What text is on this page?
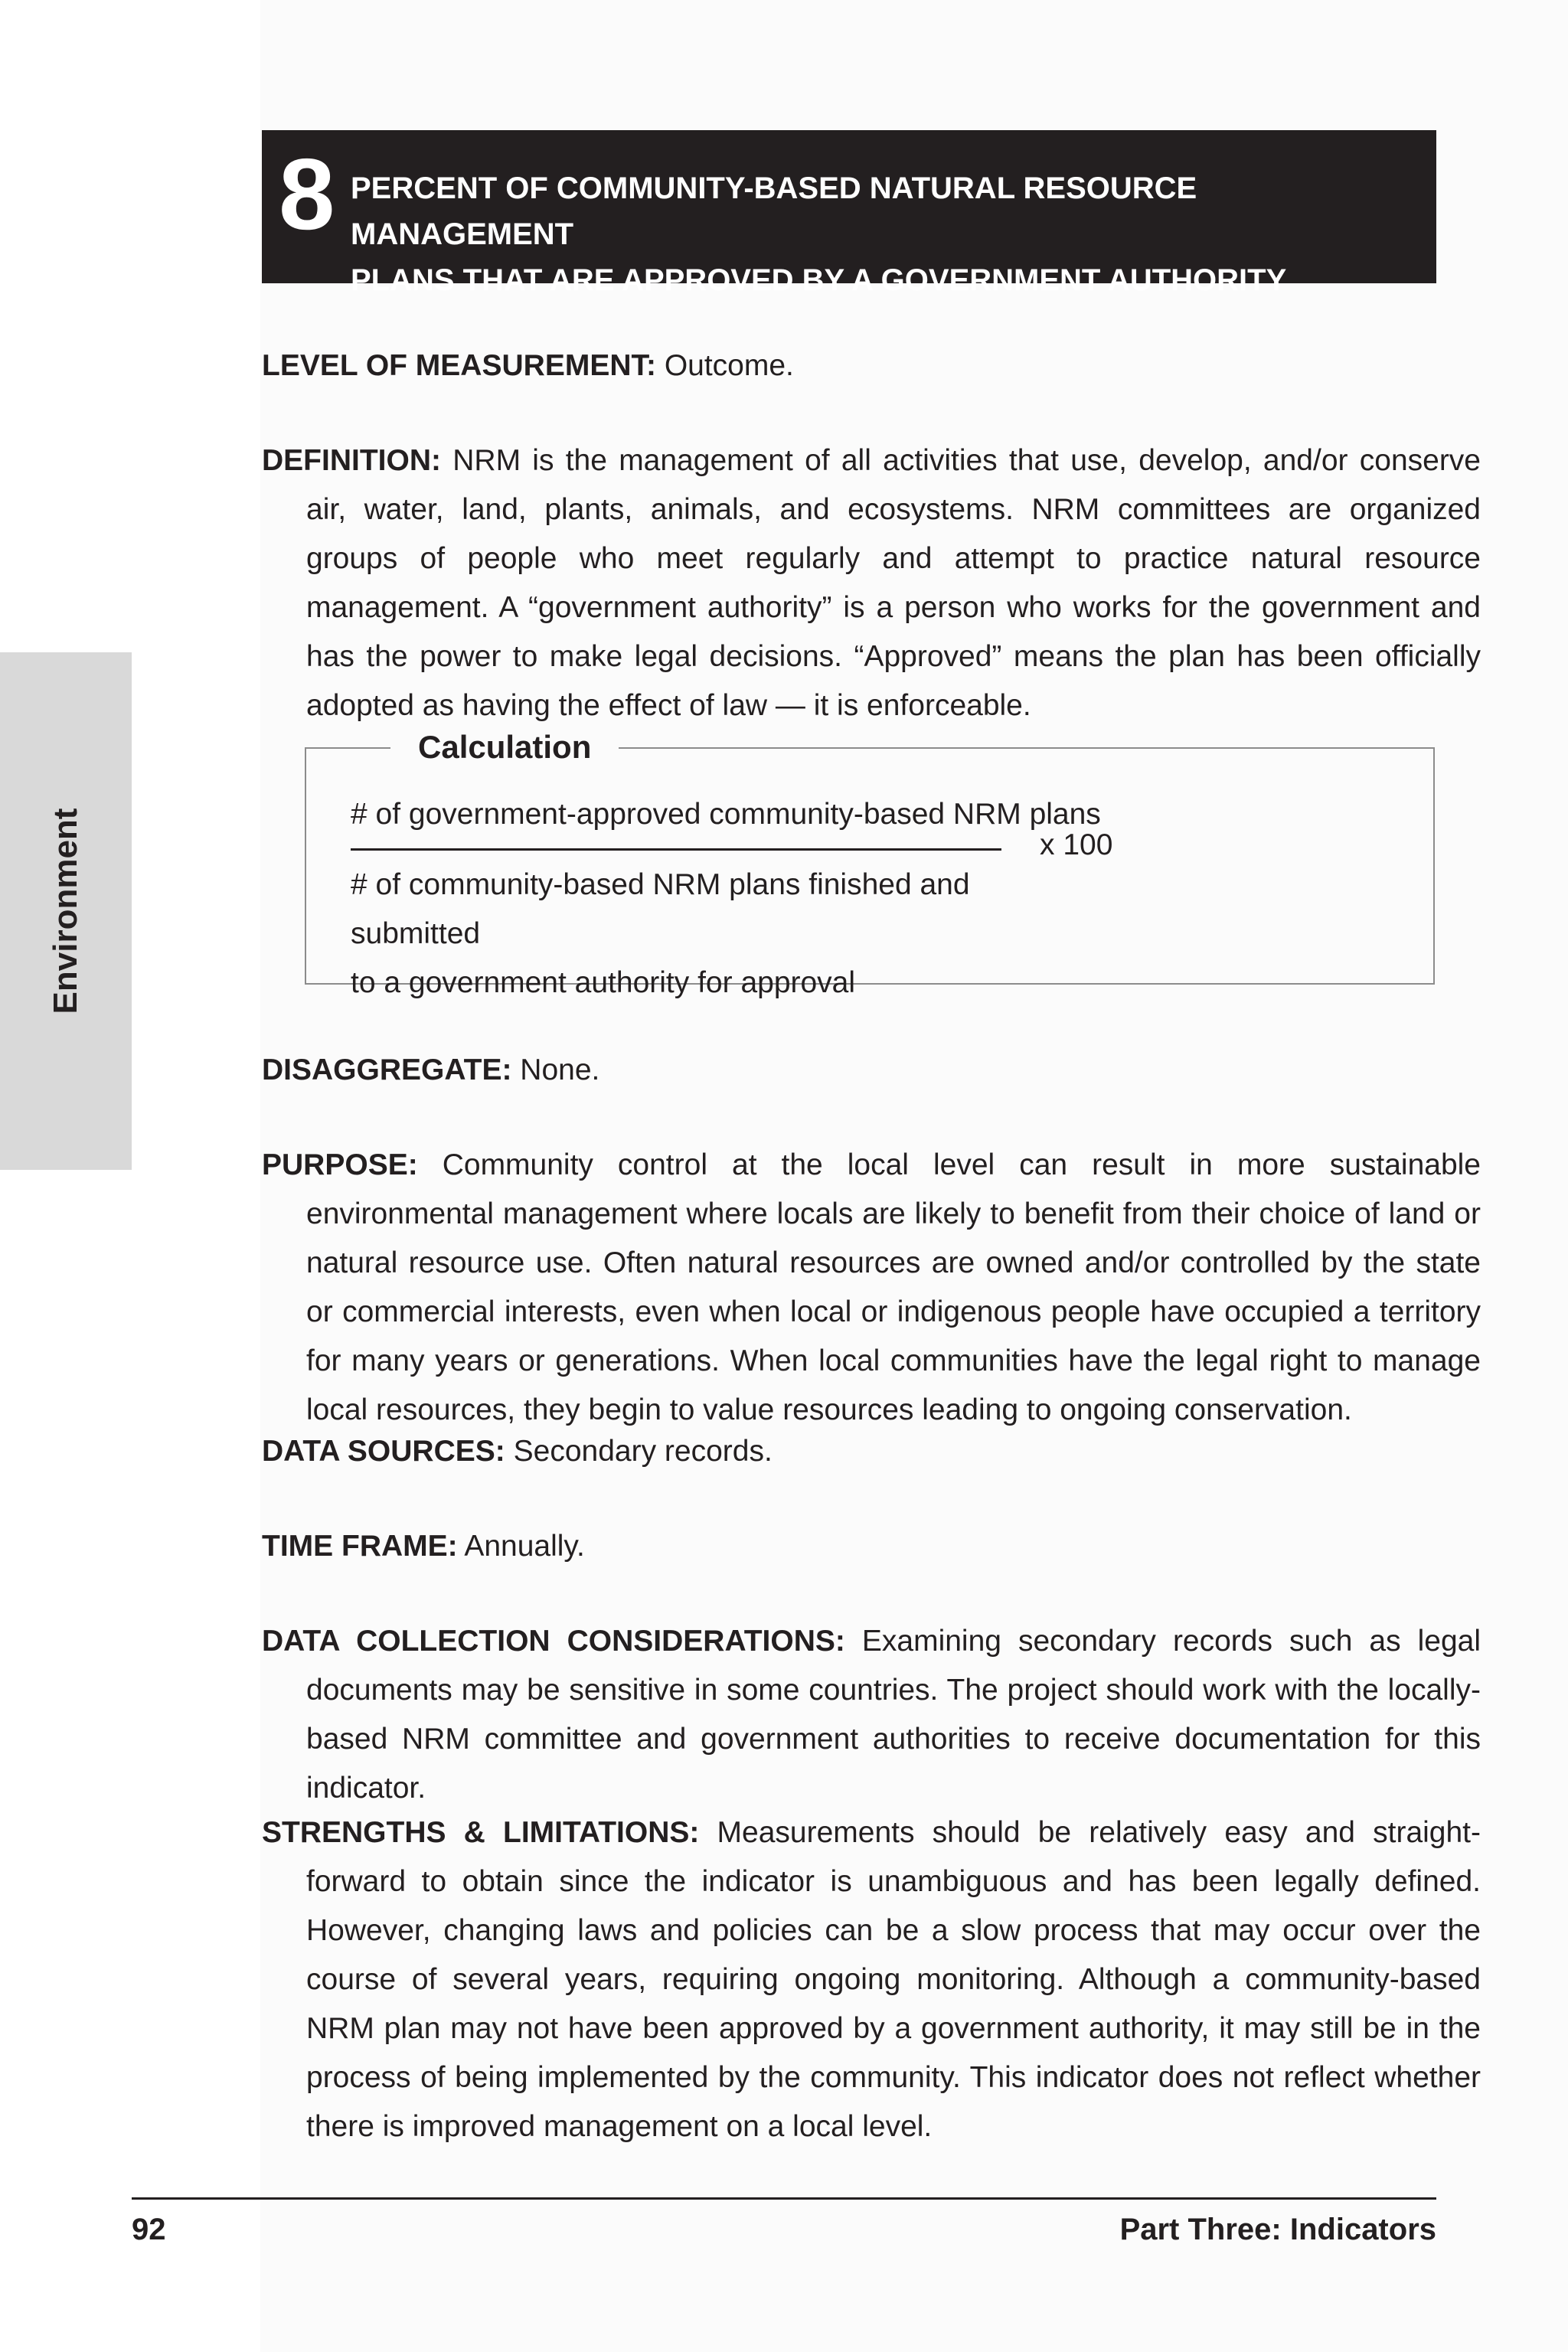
Environment
8 PERCENT OF COMMUNITY-BASED NATURAL RESOURCE MANAGEMENT
PLANS THAT ARE APPROVED BY A GOVERNMENT AUTHORITY
LEVEL OF MEASUREMENT: Outcome.
DEFINITION: NRM is the management of all activities that use, develop, and/or conserve air, water, land, plants, animals, and ecosystems. NRM committees are organized groups of people who meet regularly and attempt to practice natural resource management. A “government authority” is a person who works for the government and has the power to make legal decisions. “Approved” means the plan has been officially adopted as having the effect of law — it is enforceable.
Calculation
# of government-approved community-based NRM plans
# of community-based NRM plans finished and submitted
to a government authority for approval
x 100
DISAGGREGATE: None.
PURPOSE: Community control at the local level can result in more sustainable environmental management where locals are likely to benefit from their choice of land or natural resource use. Often natural resources are owned and/or controlled by the state or commercial interests, even when local or indigenous people have occupied a territory for many years or generations. When local communities have the legal right to manage local resources, they begin to value resources leading to ongoing conservation.
DATA SOURCES: Secondary records.
TIME FRAME: Annually.
DATA COLLECTION CONSIDERATIONS: Examining secondary records such as legal documents may be sensitive in some countries. The project should work with the locally-based NRM committee and government authorities to receive documentation for this indicator.
STRENGTHS & LIMITATIONS: Measurements should be relatively easy and straight-forward to obtain since the indicator is unambiguous and has been legally defined. However, changing laws and policies can be a slow process that may occur over the course of several years, requiring ongoing monitoring. Although a community-based NRM plan may not have been approved by a government authority, it may still be in the process of being implemented by the community. This indicator does not reflect whether there is improved management on a local level.
92	Part Three: Indicators
